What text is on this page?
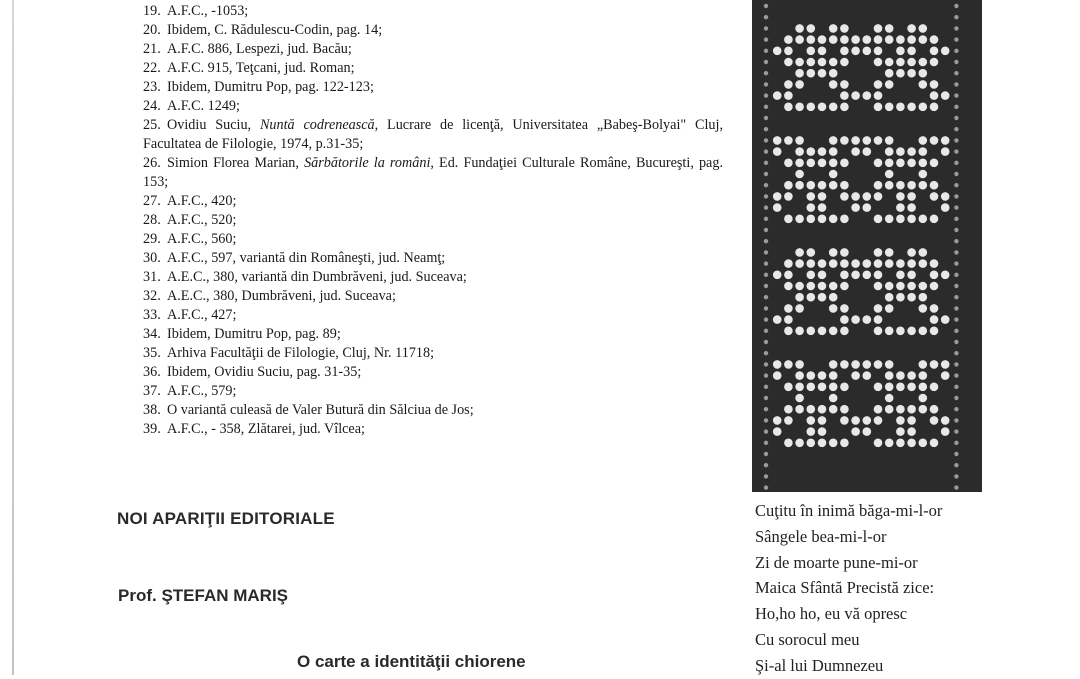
19. A.F.C., -1053;
20. Ibidem, C. Rădulescu-Codin, pag. 14;
21. A.F.C. 886, Lespezi, jud. Bacău;
22. A.F.C. 915, Teţcani, jud. Roman;
23. Ibidem, Dumitru Pop, pag. 122-123;
24. A.F.C. 1249;
25. Ovidiu Suciu, Nuntă codrenească, Lucrare de licenţă, Universitatea „Babeş-Bolyai" Cluj, Facultatea de Filologie, 1974, p.31-35;
26. Simion Florea Marian, Sărbătorile la români, Ed. Fundaţiei Culturale Române, Bucureşti, pag. 153;
27. A.F.C., 420;
28. A.F.C., 520;
29. A.F.C., 560;
30. A.F.C., 597, variantă din Româneşti, jud. Neamţ;
31. A.E.C., 380, variantă din Dumbrăveni, jud. Suceava;
32. A.E.C., 380, Dumbrăveni, jud. Suceava;
33. A.F.C., 427;
34. Ibidem, Dumitru Pop, pag. 89;
35. Arhiva Facultăţii de Filologie, Cluj, Nr. 11718;
36. Ibidem, Ovidiu Suciu, pag. 31-35;
37. A.F.C., 579;
38. O variantă culeasă de Valer Butură din Sălciua de Jos;
39. A.F.C., - 358, Zlătarei, jud. Vîlcea;
Cuţitu în inimă băga-mi-l-or
Sângele bea-mi-l-or
Zi de moarte pune-mi-or
Maica Sfântă Precistă zice:
Ho,ho ho, eu vă opresc
Cu sorocul meu
Şi-al lui Dumnezeu
NOI APARIŢII EDITORIALE
Prof. ŞTEFAN MARIŞ
O carte a identităţii chiorene
